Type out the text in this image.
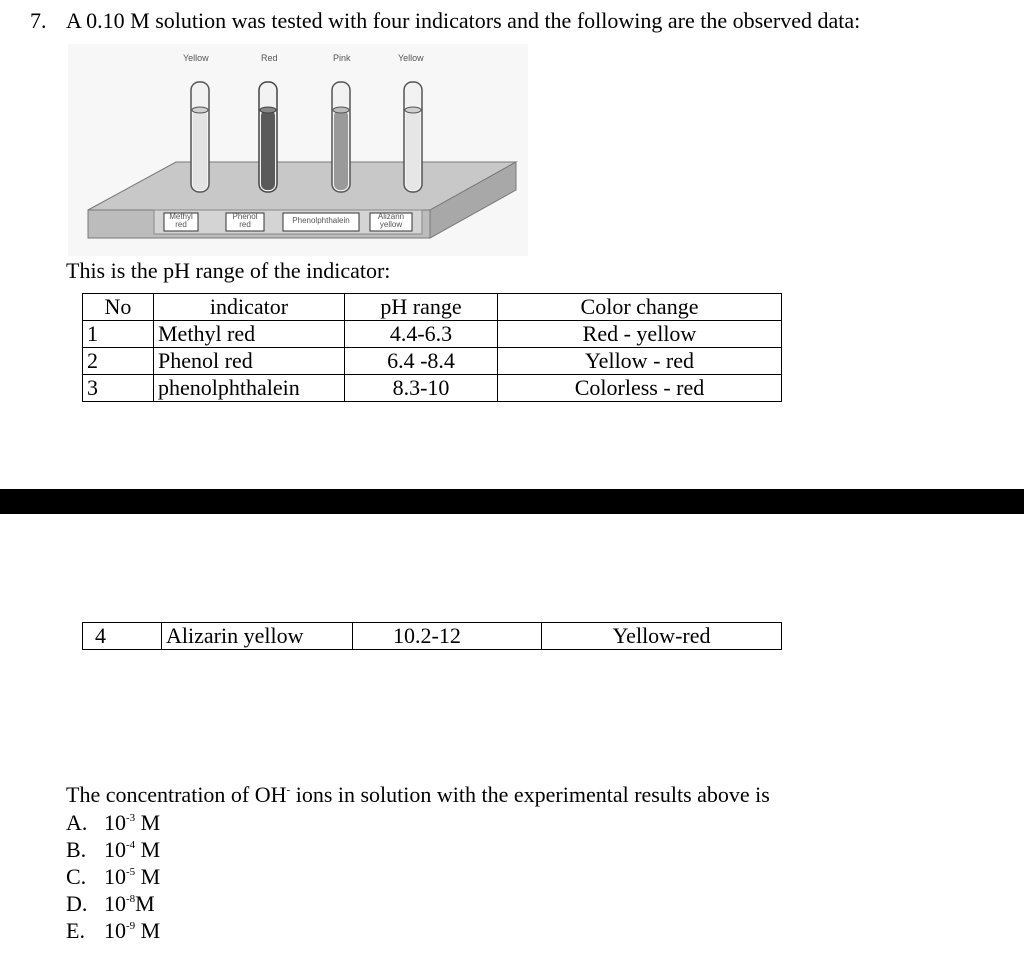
7. A 0.10 M solution was tested with four indicators and the following are the observed data:
Yellow	Red	Pink	Yellow
Methyl
red
Phenol
red	Phenolphthalein	Alizarin
yellow
This is the pH range of the indicator:
No	indicator	pH range	Color change
1	Methyl red	4.4-6.3	Red - yellow
2	Phenol red	6.4 -8.4	Yellow - red
3	phenolphthalein	8.3-10	Colorless - red
4	Alizarin yellow	10.2-12	Yellow-red
The concentration of OH- ions in solution with the experimental results above is
A. $10^{-3}$ M
B. $10^{-4}$ M
C. $10^{-5}$ M
D. $10^{-8}M$
E. $10^{-9}$ M
